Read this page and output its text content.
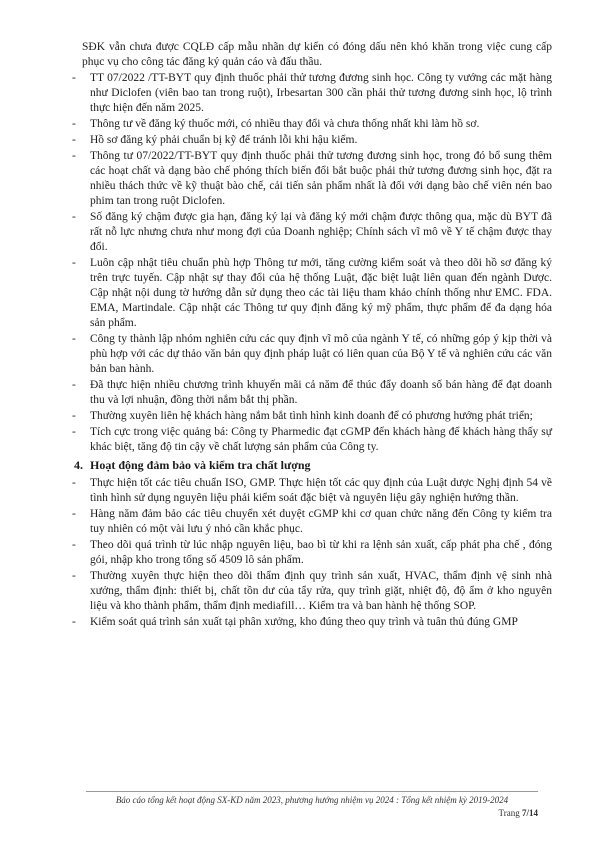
SĐK vẫn chưa được CQLĐ cấp mẫu nhãn dự kiến có đóng dấu nên khó khăn trong việc cung cấp phục vụ cho công tác đăng ký quản cáo và đấu thầu.

- TT 07/2022 /TT-BYT quy định thuốc phải thử tương đương sinh học. Công ty vướng các mặt hàng như Diclofen (viên bao tan trong ruột), Irbesartan 300 cần phải thử tương đương sinh học, lộ trình thực hiện đến năm 2025.

- Thông tư về đăng ký thuốc mới, có nhiều thay đổi và chưa thống nhất khi làm hồ sơ.

- Hồ sơ đăng ký phải chuẩn bị kỹ để tránh lỗi khi hậu kiểm.

- Thông tư 07/2022/TT-BYT quy định thuốc phải thử tương đương sinh học, trong đó bổ sung thêm các hoạt chất và dạng bào chế phóng thích biến đổi bắt buộc phải thử tương đương sinh học, đặt ra nhiều thách thức về kỹ thuật bào chế, cải tiến sản phẩm nhất là đối với dạng bào chế viên nén bao phim tan trong ruột Diclofen.

- Số đăng ký chậm được gia hạn, đăng ký lại và đăng ký mới chậm được thông qua, mặc dù BYT đã rất nỗ lực nhưng chưa như mong đợi của Doanh nghiệp; Chính sách vĩ mô về Y tế chậm được thay đổi.

- Luôn cập nhật tiêu chuẩn phù hợp Thông tư mới, tăng cường kiểm soát và theo dõi hồ sơ đăng ký trên trực tuyến. Cập nhật sự thay đổi của hệ thống Luật, đặc biệt luật liên quan đến ngành Dược. Cập nhật nội dung tờ hướng dẫn sử dụng theo các tài liệu tham khảo chính thống như EMC. FDA. EMA, Martindale. Cập nhật các Thông tư quy định đăng ký mỹ phẩm, thực phẩm để đa dạng hóa sản phẩm.

- Công ty thành lập nhóm nghiên cứu các quy định vĩ mô của ngành Y tế, có những góp ý kịp thời và phù hợp với các dự thảo văn bản quy định pháp luật có liên quan của Bộ Y tế và nghiên cứu các văn bản ban hành.

- Đã thực hiện nhiều chương trình khuyến mãi cả năm để thúc đẩy doanh số bán hàng để đạt doanh thu và lợi nhuận, đồng thời nắm bắt thị phần.

- Thường xuyên liên hệ khách hàng nắm bắt tình hình kinh doanh để có phương hướng phát triển;

- Tích cực trong việc quảng bá: Công ty Pharmedic đạt cGMP đến khách hàng để khách hàng thấy sự khác biệt, tăng độ tin cậy về chất lượng sản phẩm của Công ty.

4. Hoạt động đảm bảo và kiểm tra chất lượng

- Thực hiện tốt các tiêu chuẩn ISO, GMP. Thực hiện tốt các quy định của Luật dược Nghị định 54 về tình hình sử dụng nguyên liệu phải kiểm soát đặc biệt và nguyên liệu gây nghiện hướng thần.

- Hàng năm đảm bảo các tiêu chuyển xét duyệt cGMP khi cơ quan chức năng đến Công ty kiểm tra tuy nhiên có một vài lưu ý nhỏ cần khắc phục.

- Theo dõi quá trình từ lúc nhập nguyên liệu, bao bì từ khi ra lệnh sản xuất, cấp phát pha chế , đóng gói, nhập kho trong tổng số 4509 lô sản phẩm.

- Thường xuyên thực hiện theo dõi thẩm định quy trình sản xuất, HVAC, thẩm định vệ sinh nhà xưởng, thẩm định: thiết bị, chất tồn dư của tẩy rửa, quy trình giặt, nhiệt độ, độ ẩm ở kho nguyên liệu và kho thành phẩm, thẩm định mediafill… Kiểm tra và ban hành hệ thống SOP.

- Kiểm soát quá trình sản xuất tại phân xưởng, kho đúng theo quy trình và tuân thủ đúng GMP

Báo cáo tổng kết hoạt động SX-KD năm 2023, phương hướng nhiệm vụ 2024 : Tổng kết nhiệm kỳ 2019-2024
Trang 7/14
